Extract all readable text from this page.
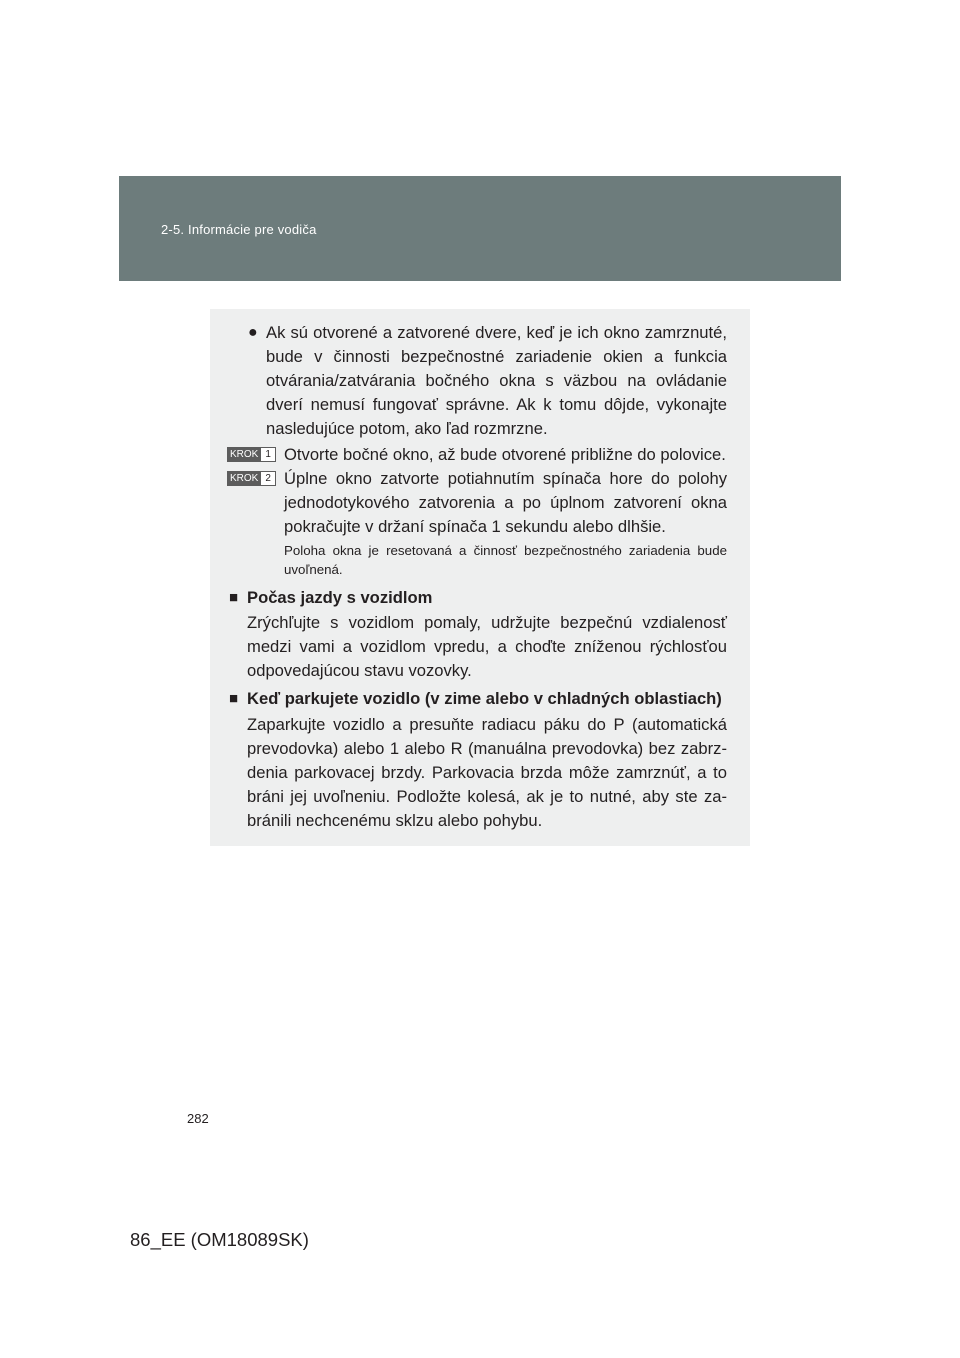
2-5. Informácie pre vodiča
● Ak sú otvorené a zatvorené dvere, keď je ich okno zamrznuté, bude v činnosti bezpečnostné zariadenie okien a funkcia otvárania/zatvárania bočného okna s väzbou na ovládanie dverí nemusí fungovať správne. Ak k tomu dôjde, vykonajte nasledujúce potom, ako ľad rozmrzne.

KROK 1 Otvorte bočné okno, až bude otvorené približne do polovice.

KROK 2 Úplne okno zatvorte potiahnutím spínača hore do polohy jednodotykového zatvorenia a po úplnom zatvorení okna pokračujte v držaní spínača 1 sekundu alebo dlhšie.

Poloha okna je resetovaná a činnosť bezpečnostného zariadenia bude uvoľnená.

■ Počas jazdy s vozidlom

Zrýchľujte s vozidlom pomaly, udržujte bezpečnú vzdialenosť medzi vami a vozidlom vpredu, a choďte zníženou rýchlosťou odpovedajúcou stavu vozovky.

■ Keď parkujete vozidlo (v zime alebo v chladných oblastiach)

Zaparkujte vozidlo a presuňte radiacu páku do P (automatická prevodovka) alebo 1 alebo R (manuálna prevodovka) bez zabrz- denia parkovacej brzdy. Parkovacia brzda môže zamrznúť, a to bráni jej uvoľneniu. Podložte kolesá, ak je to nutné, aby ste za- bránili nechcenému sklzu alebo pohybu.

282
86_EE (OM18089SK)
